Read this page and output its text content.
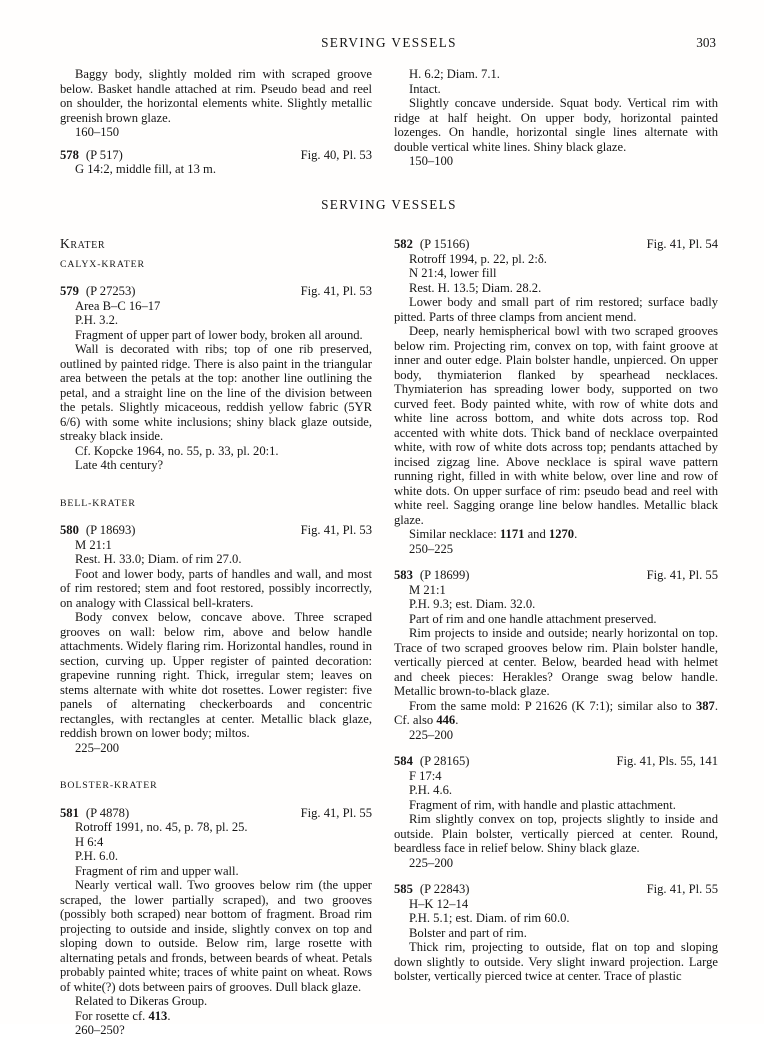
SERVING VESSELS	303

Baggy body, slightly molded rim with scraped groove below. Basket handle attached at rim. Pseudo bead and reel on shoulder, the horizontal elements white. Slightly metallic greenish brown glaze.

160–150
578 (P 517)	Fig. 40, Pl. 53
G 14:2, middle fill, at 13 m.
H. 6.2; Diam. 7.1.
Intact.

Slightly concave underside. Squat body. Vertical rim with ridge at half height. On upper body, horizontal painted lozenges. On handle, horizontal single lines alternate with double vertical white lines. Shiny black glaze.

150–100
SERVING VESSELS
Krater
CALYX-KRATER
579 (P 27253)	Fig. 41, Pl. 53
Area B–C 16–17
P.H. 3.2.

Fragment of upper part of lower body, broken all around.

Wall is decorated with ribs; top of one rib preserved, outlined by painted ridge. There is also paint in the triangular area between the petals at the top: another line outlining the petal, and a straight line on the line of the division between the petals. Slightly micaceous, reddish yellow fabric (5YR 6/6) with some white inclusions; shiny black glaze outside, streaky black inside.

Cf. Kopcke 1964, no. 55, p. 33, pl. 20:1.

Late 4th century?

BELL-KRATER
580 (P 18693)	Fig. 41, Pl. 53
M 21:1
Rest. H. 33.0; Diam. of rim 27.0.

Foot and lower body, parts of handles and wall, and most of rim restored; stem and foot restored, possibly incorrectly, on analogy with Classical bell-kraters.

Body convex below, concave above. Three scraped grooves on wall: below rim, above and below handle attachments. Widely flaring rim. Horizontal handles, round in section, curving up. Upper register of painted decoration: grapevine running right. Thick, irregular stem; leaves on stems alternate with white dot rosettes. Lower register: five panels of alternating checkerboards and concentric rectangles, with rectangles at center. Metallic black glaze, reddish brown on lower body; miltos.

225–200
BOLSTER-KRATER
581 (P 4878)	Fig. 41, Pl. 55
Rotroff 1991, no. 45, p. 78, pl. 25.
H 6:4
P.H. 6.0.

Fragment of rim and upper wall.

Nearly vertical wall. Two grooves below rim (the upper scraped, the lower partially scraped), and two grooves (possibly both scraped) near bottom of fragment. Broad rim projecting to outside and inside, slightly convex on top and sloping down to outside. Below rim, large rosette with alternating petals and fronds, between beards of wheat. Petals probably painted white; traces of white paint on wheat. Rows of white(?) dots between pairs of grooves. Dull black glaze.

Related to Dikeras Group.

For rosette cf. 413.

260–250?
582 (P 15166)	Fig. 41, Pl. 54
Rotroff 1994, p. 22, pl. 2:δ.
N 21:4, lower fill
Rest. H. 13.5; Diam. 28.2.

Lower body and small part of rim restored; surface badly pitted. Parts of three clamps from ancient mend.

Deep, nearly hemispherical bowl with two scraped grooves below rim. Projecting rim, convex on top, with faint groove at inner and outer edge. Plain bolster handle, unpierced. On upper body, thymiaterion flanked by spearhead necklaces. Thymiaterion has spreading lower body, supported on two curved feet. Body painted white, with row of white dots and white line across bottom, and white dots across top. Rod accented with white dots. Thick band of necklace overpainted white, with row of white dots across top; pendants attached by incised zigzag line. Above necklace is spiral wave pattern running right, filled in with white below, over line and row of white dots. On upper surface of rim: pseudo bead and reel with white reel. Sagging orange line below handles. Metallic black glaze.

Similar necklace: 1171 and 1270.

250–225
583 (P 18699)	Fig. 41, Pl. 55
M 21:1
P.H. 9.3; est. Diam. 32.0.

Part of rim and one handle attachment preserved.

Rim projects to inside and outside; nearly horizontal on top. Trace of two scraped grooves below rim. Plain bolster handle, vertically pierced at center. Below, bearded head with helmet and cheek pieces: Herakles? Orange swag below handle. Metallic brown-to-black glaze.

From the same mold: P 21626 (K 7:1); similar also to 387. Cf. also 446.

225–200
584 (P 28165)	Fig. 41, Pls. 55, 141
F 17:4
P.H. 4.6.

Fragment of rim, with handle and plastic attachment.

Rim slightly convex on top, projects slightly to inside and outside. Plain bolster, vertically pierced at center. Round, beardless face in relief below. Shiny black glaze.

225–200
585 (P 22843)	Fig. 41, Pl. 55
H–K 12–14
P.H. 5.1; est. Diam. of rim 60.0.
Bolster and part of rim.

Thick rim, projecting to outside, flat on top and sloping down slightly to outside. Very slight inward projection. Large bolster, vertically pierced twice at center. Trace of plastic
